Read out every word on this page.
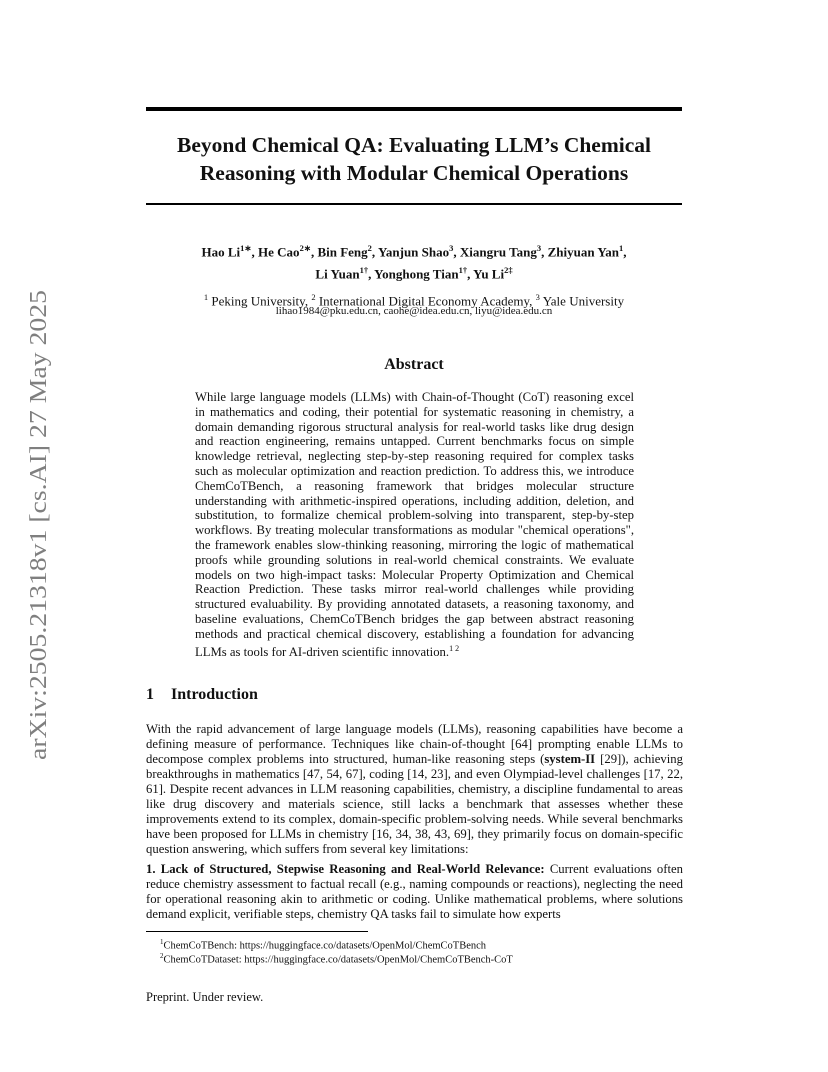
arXiv:2505.21318v1 [cs.AI] 27 May 2025
Beyond Chemical QA: Evaluating LLM’s Chemical
Reasoning with Modular Chemical Operations
Hao $Li^{1∗}$, He Cao$^{2∗}$, Bin Feng$^2$, Yanjun Shao$^3$, Xiangru Tang$^3$, Zhiyuan Yan$^1$,
Li Yuan$^{1\dagger}$, Yonghong Tian$^{1\dagger}$, Yu $Li^{2\ddagger}$
$^1$ Peking University, $^2$ International Digital Economy Academy, $^3$ Yale University
lihao1984@pku.edu.cn, caohe@idea.edu.cn, liyu@idea.edu.cn
Abstract
While large language models (LLMs) with Chain-of-Thought (CoT) reasoning excel in mathematics and coding, their potential for systematic reasoning in chemistry, a domain demanding rigorous structural analysis for real-world tasks like drug design and reaction engineering, remains untapped. Current benchmarks focus on simple knowledge retrieval, neglecting step-by-step reasoning required for complex tasks such as molecular optimization and reaction prediction. To address this, we introduce ChemCoTBench, a reasoning framework that bridges molecular structure understanding with arithmetic-inspired operations, including addition, deletion, and substitution, to formalize chemical problem-solving into transparent, step-by-step workflows. By treating molecular transformations as modular "chemical operations", the framework enables slow-thinking reasoning, mirroring the logic of mathematical proofs while grounding solutions in real-world chemical constraints. We evaluate models on two high-impact tasks: Molecular Property Optimization and Chemical Reaction Prediction. These tasks mirror real-world challenges while providing structured evaluability. By providing annotated datasets, a reasoning taxonomy, and baseline evaluations, ChemCoTBench bridges the gap between abstract reasoning methods and practical chemical discovery, establishing a foundation for advancing LLMs as tools for AI-driven scientific innovation.$^{1 2}$
1 Introduction
With the rapid advancement of large language models (LLMs), reasoning capabilities have become a defining measure of performance. Techniques like chain-of-thought [64] prompting enable LLMs to decompose complex problems into structured, human-like reasoning steps (system-II [29]), achieving breakthroughs in mathematics [47, 54, 67], coding [14, 23], and even Olympiad-level challenges [17, 22, 61]. Despite recent advances in LLM reasoning capabilities, chemistry, a discipline fundamental to areas like drug discovery and materials science, still lacks a benchmark that assesses whether these improvements extend to its complex, domain-specific problem-solving needs. While several benchmarks have been proposed for LLMs in chemistry [16, 34, 38, 43, 69], they primarily focus on domain-specific question answering, which suffers from several key limitations:
1. Lack of Structured, Stepwise Reasoning and Real-World Relevance: Current evaluations often reduce chemistry assessment to factual recall (e.g., naming compounds or reactions), neglecting the need for operational reasoning akin to arithmetic or coding. Unlike mathematical problems, where solutions demand explicit, verifiable steps, chemistry QA tasks fail to simulate how experts
$^1$ChemCoTBench: https://huggingface.co/datasets/OpenMol/ChemCoTBench
$^2$ChemCoTDataset: https://huggingface.co/datasets/OpenMol/ChemCoTBench-CoT
Preprint. Under review.
